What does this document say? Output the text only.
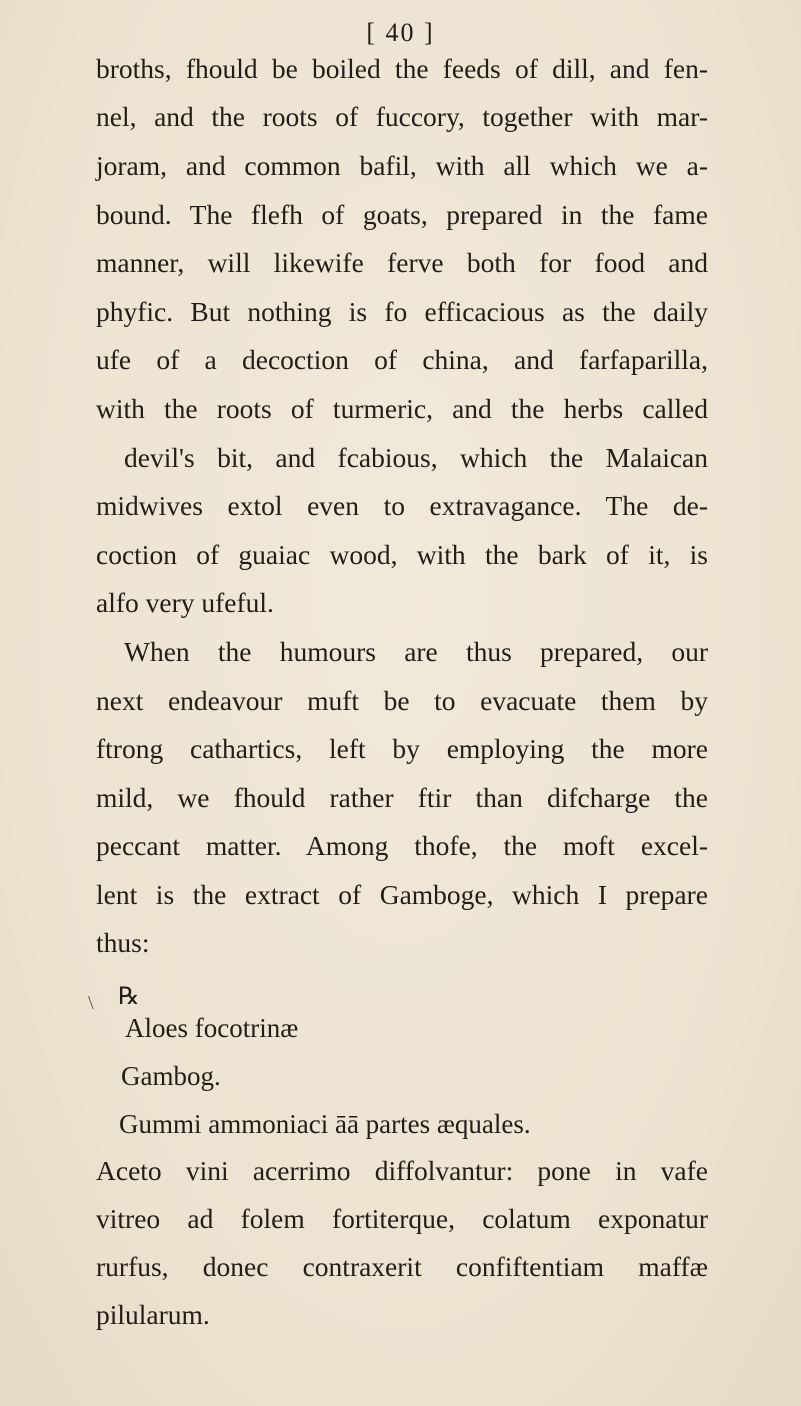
[ 40 ]
broths, fhould be boiled the feeds of dill, and fen-
nel, and the roots of fuccory, together with mar-
joram, and common bafil, with all which we a-
bound. The flefh of goats, prepared in the fame
manner, will likewife ferve both for food and
phyfic. But nothing is fo efficacious as the daily
ufe of a decoction of china, and farfaparilla,
with the roots of turmeric, and the herbs called
devil's bit, and fcabious, which the Malaican
midwives extol even to extravagance. The de-
coction of guaiac wood, with the bark of it, is
alfo very ufeful.
When the humours are thus prepared, our
next endeavour muft be to evacuate them by
ftrong cathartics, left by employing the more
mild, we fhould rather ftir than difcharge the
peccant matter. Among thofe, the moft excel-
lent is the extract of Gamboge, which I prepare
thus:
\ ℞
Aloes focotrinæ
Gambog.
Gummi ammoniaci āā partes æquales.
Aceto vini acerrimo diffolvantur: pone in vafe
vitreo ad folem fortiterque, colatum exponatur
rurfus, donec contraxerit confiftentiam maffæ
pilularum.
